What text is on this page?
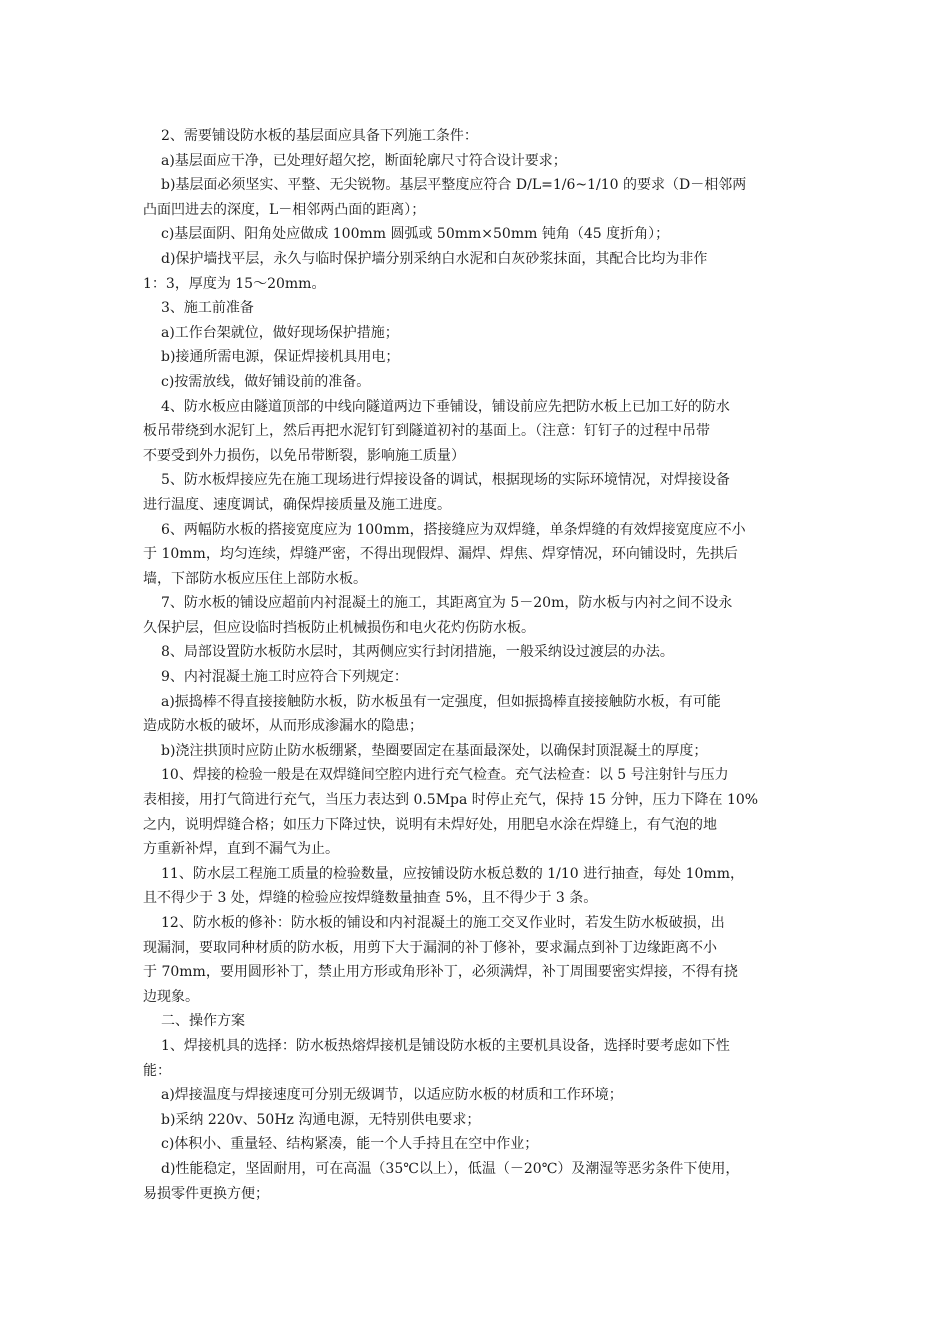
2、需要铺设防水板的基层面应具备下列施工条件：
a)基层面应干净，已处理好超欠挖，断面轮廓尺寸符合设计要求；
b)基层面必须坚实、平整、无尖锐物。基层平整度应符合 D/L=1/6~1/10 的要求（D－相邻两
凸面凹进去的深度，L－相邻两凸面的距离）；
c)基层面阴、阳角处应做成 100mm 圆弧或 50mm×50mm 钝角（45 度折角）；
d)保护墙找平层，永久与临时保护墙分别采纳白水泥和白灰砂浆抹面，其配合比均为非作
1：3，厚度为 15～20mm。
3、施工前准备
a)工作台架就位，做好现场保护措施；
b)接通所需电源，保证焊接机具用电；
c)按需放线，做好铺设前的准备。
4、防水板应由隧道顶部的中线向隧道两边下垂铺设，铺设前应先把防水板上已加工好的防水
板吊带绕到水泥钉上，然后再把水泥钉钉到隧道初衬的基面上。（注意：钉钉子的过程中吊带
不要受到外力损伤，以免吊带断裂，影响施工质量）
5、防水板焊接应先在施工现场进行焊接设备的调试，根据现场的实际环境情况，对焊接设备
进行温度、速度调试，确保焊接质量及施工进度。
6、两幅防水板的搭接宽度应为 100mm，搭接缝应为双焊缝，单条焊缝的有效焊接宽度应不小
于 10mm，均匀连续，焊缝严密，不得出现假焊、漏焊、焊焦、焊穿情况，环向铺设时，先拱后
墙，下部防水板应压住上部防水板。
7、防水板的铺设应超前内衬混凝土的施工，其距离宜为 5－20m，防水板与内衬之间不设永
久保护层，但应设临时挡板防止机械损伤和电火花灼伤防水板。
8、局部设置防水板防水层时，其两侧应实行封闭措施，一般采纳设过渡层的办法。
9、内衬混凝土施工时应符合下列规定：
a)振捣棒不得直接接触防水板，防水板虽有一定强度，但如振捣棒直接接触防水板，有可能
造成防水板的破坏，从而形成渗漏水的隐患；
b)浇注拱顶时应防止防水板绷紧，垫圈要固定在基面最深处，以确保封顶混凝土的厚度；
10、焊接的检验一般是在双焊缝间空腔内进行充气检查。充气法检查：以 5 号注射针与压力
表相接，用打气筒进行充气，当压力表达到 0.5Mpa 时停止充气，保持 15 分钟，压力下降在 10%
之内，说明焊缝合格；如压力下降过快，说明有未焊好处，用肥皂水涂在焊缝上，有气泡的地
方重新补焊，直到不漏气为止。
11、防水层工程施工质量的检验数量，应按铺设防水板总数的 1/10 进行抽查，每处 10mm，
且不得少于 3 处，焊缝的检验应按焊缝数量抽查 5%，且不得少于 3 条。
12、防水板的修补：防水板的铺设和内衬混凝土的施工交叉作业时，若发生防水板破损，出
现漏洞，要取同种材质的防水板，用剪下大于漏洞的补丁修补，要求漏点到补丁边缘距离不小
于 70mm，要用圆形补丁，禁止用方形或角形补丁，必须满焊，补丁周围要密实焊接，不得有挠
边现象。
二、操作方案
1、焊接机具的选择：防水板热熔焊接机是铺设防水板的主要机具设备，选择时要考虑如下性
能：
a)焊接温度与焊接速度可分别无级调节，以适应防水板的材质和工作环境；
b)采纳 220v、50Hz 沟通电源，无特别供电要求；
c)体积小、重量轻、结构紧凑，能一个人手持且在空中作业；
d)性能稳定，坚固耐用，可在高温（35℃以上），低温（－20℃）及潮湿等恶劣条件下使用，
易损零件更换方便；
